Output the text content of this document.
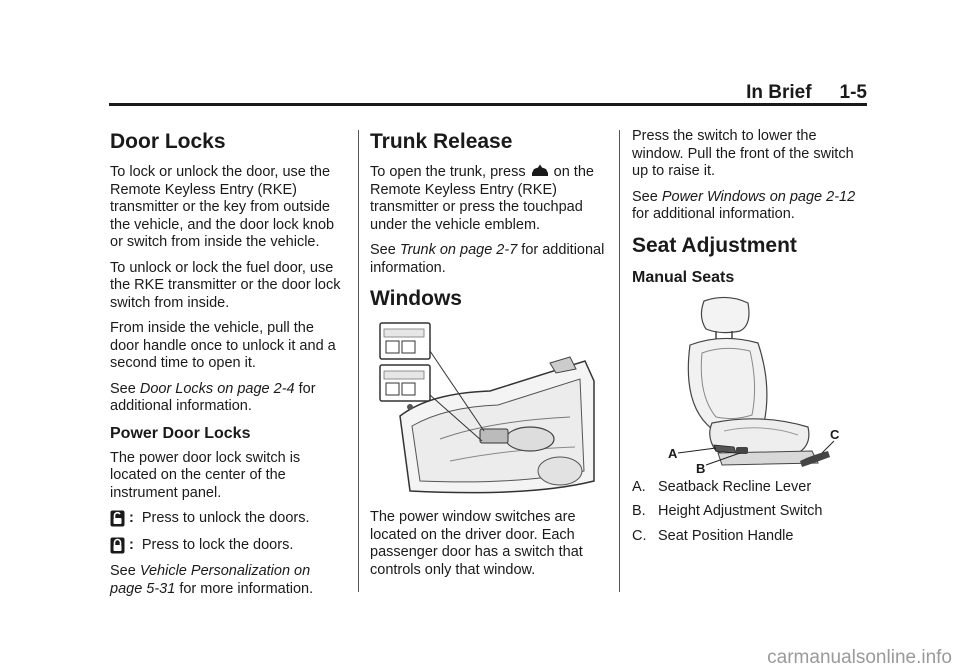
In Brief 1-5
Door Locks

To lock or unlock the door, use the Remote Keyless Entry (RKE) transmitter or the key from outside the vehicle, and the door lock knob or switch from inside the vehicle.

To unlock or lock the fuel door, use the RKE transmitter or the door lock switch from inside.

From inside the vehicle, pull the door handle once to unlock it and a second time to open it.

See Door Locks on page 2-4 for additional information.

Power Door Locks

The power door lock switch is located on the center of the instrument panel.

: Press to unlock the doors.
: Press to lock the doors.

See Vehicle Personalization on page 5-31 for more information.

Trunk Release

To open the trunk, press on the Remote Keyless Entry (RKE) transmitter or press the touchpad under the vehicle emblem.

See Trunk on page 2-7 for additional information.

Windows

The power window switches are located on the driver door. Each passenger door has a switch that controls only that window.

Press the switch to lower the window. Pull the front of the switch up to raise it.

See Power Windows on page 2-12 for additional information.

Seat Adjustment
Manual Seats
A
B
C
A. Seatback Recline Lever
B. Height Adjustment Switch
C. Seat Position Handle
carmanualsonline.info
